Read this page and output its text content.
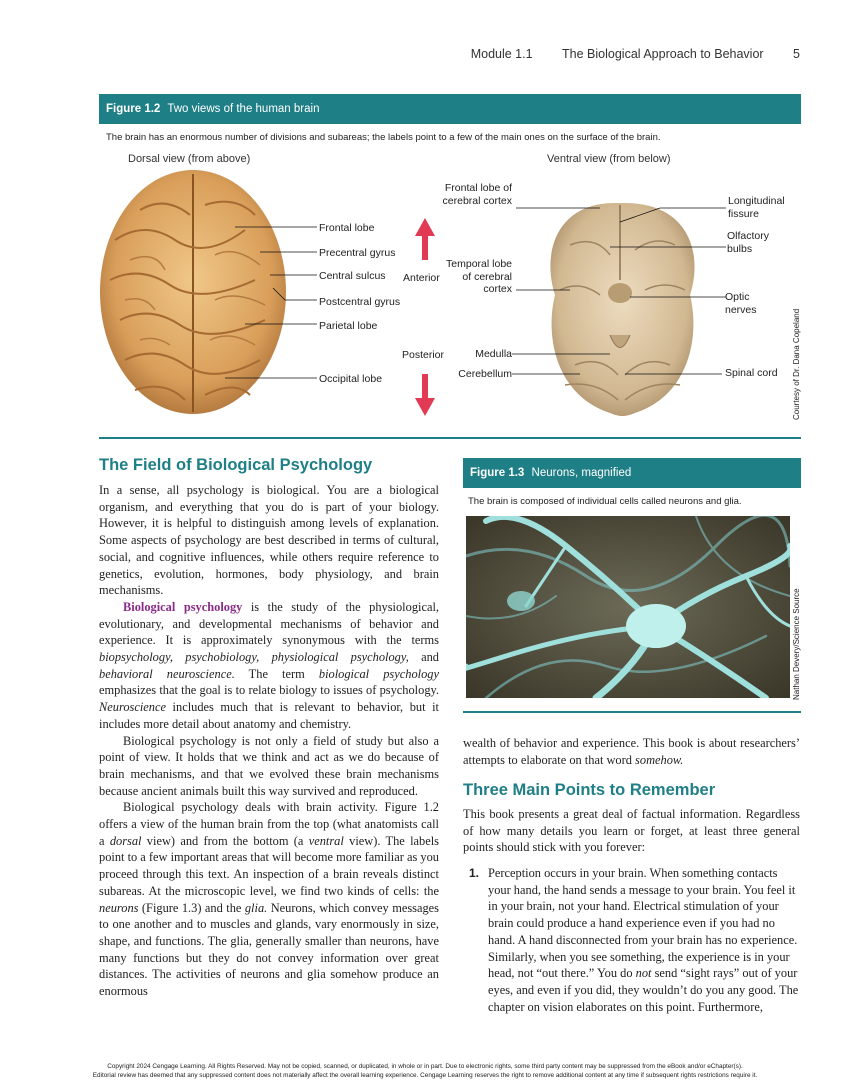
Module 1.1 The Biological Approach to Behavior 5
Figure 1.2 Two views of the human brain
The brain has an enormous number of divisions and subareas; the labels point to a few of the main ones on the surface of the brain.
Dorsal view (from above)	Ventral view (from below)
Frontal lobe
Precentral gyrus
Central sulcus
Postcentral gyrus
Parietal lobe
Occipital lobe
Anterior
Posterior
Frontal lobe of cerebral cortex
Temporal lobe of cerebral cortex
Medulla
Cerebellum
Longitudinal fissure
Olfactory bulbs
Optic nerves
Spinal cord Courtesy of Dr. Dana Copeland
The Field of Biological Psychology

In a sense, all psychology is biological. You are a biological organism, and everything that you do is part of your biology. However, it is helpful to distinguish among levels of explanation. Some aspects of psychology are best described in terms of cultural, social, and cognitive influences, while others require reference to genetics, evolution, hormones, body physiology, and brain mechanisms.

Biological psychology is the study of the physiological, evolutionary, and developmental mechanisms of behavior and experience. It is approximately synonymous with the terms biopsychology, psychobiology, physiological psychology, and behavioral neuroscience. The term biological psychology emphasizes that the goal is to relate biology to issues of psychology. Neuroscience includes much that is relevant to behavior, but it includes more detail about anatomy and chemistry.

Biological psychology is not only a field of study but also a point of view. It holds that we think and act as we do because of brain mechanisms, and that we evolved these brain mechanisms because ancient animals built this way survived and reproduced.

Biological psychology deals with brain activity. Figure 1.2 offers a view of the human brain from the top (what anatomists call a dorsal view) and from the bottom (a ventral view). The labels point to a few important areas that will become more familiar as you proceed through this text. An inspection of a brain reveals distinct subareas. At the microscopic level, we find two kinds of cells: the neurons (Figure 1.3) and the glia. Neurons, which convey messages to one another and to muscles and glands, vary enormously in size, shape, and functions. The glia, generally smaller than neurons, have many functions but they do not convey information over great distances. The activities of neurons and glia somehow produce an enormous

Figure 1.3 Neurons, magnified
The brain is composed of individual cells called neurons and glia.
Nathan Devery/Science Source

wealth of behavior and experience. This book is about researchers’ attempts to elaborate on that word somehow.

Three Main Points to Remember
This book presents a great deal of factual information. Regardless of how many details you learn or forget, at least three general points should stick with you forever:
1. Perception occurs in your brain. When something contacts your hand, the hand sends a message to your brain. You feel it in your brain, not your hand. Electrical stimulation of your brain could produce a hand experience even if you had no hand. A hand disconnected from your brain has no experience. Similarly, when you see something, the experience is in your head, not “out there.” You do not send “sight rays” out of your eyes, and even if you did, they wouldn’t do you any good. The chapter on vision elaborates on this point. Furthermore,
Copyright 2024 Cengage Learning. All Rights Reserved. May not be copied, scanned, or duplicated, in whole or in part. Due to electronic rights, some third party content may be suppressed from the eBook and/or eChapter(s).
Editorial review has deemed that any suppressed content does not materially affect the overall learning experience. Cengage Learning reserves the right to remove additional content at any time if subsequent rights restrictions require it.
